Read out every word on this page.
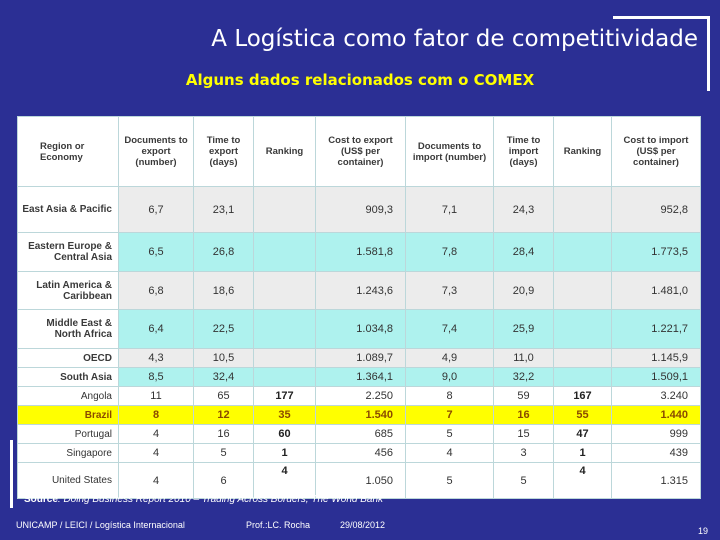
A Logística como fator de competitividade
Alguns dados relacionados com o COMEX
Region or Economy	Documents to export (number)	Time to export (days)	Ranking	Cost to export (US$ per container)	Documents to import (number)	Time to import (days)	Ranking	Cost to import (US$ per container)
East Asia & Pacific	6,7	23,1		909,3	7,1	24,3		952,8
Eastern Europe & Central Asia	6,5	26,8		1.581,8	7,8	28,4		1.773,5
Latin America & Caribbean	6,8	18,6		1.243,6	7,3	20,9		1.481,0
Middle East & North Africa	6,4	22,5		1.034,8	7,4	25,9		1.221,7
OECD	4,3	10,5		1.089,7	4,9	11,0		1.145,9
South Asia	8,5	32,4		1.364,1	9,0	32,2		1.509,1
Angola	11	65	177	2.250	8	59	167	3.240
Brazil	8	12	35	1.540	7	16	55	1.440
Portugal	4	16	60	685	5	15	47	999
Singapore	4	5	1	456	4	3	1	439
United States	4	6	4	1.050	5	5	4	1.315
Source: Doing Business Report 2010 – Trading Across Borders, The World Bank
UNICAMP / LEICI / Logística Internacional	Prof.:LC. Rocha	29/08/2012
19
